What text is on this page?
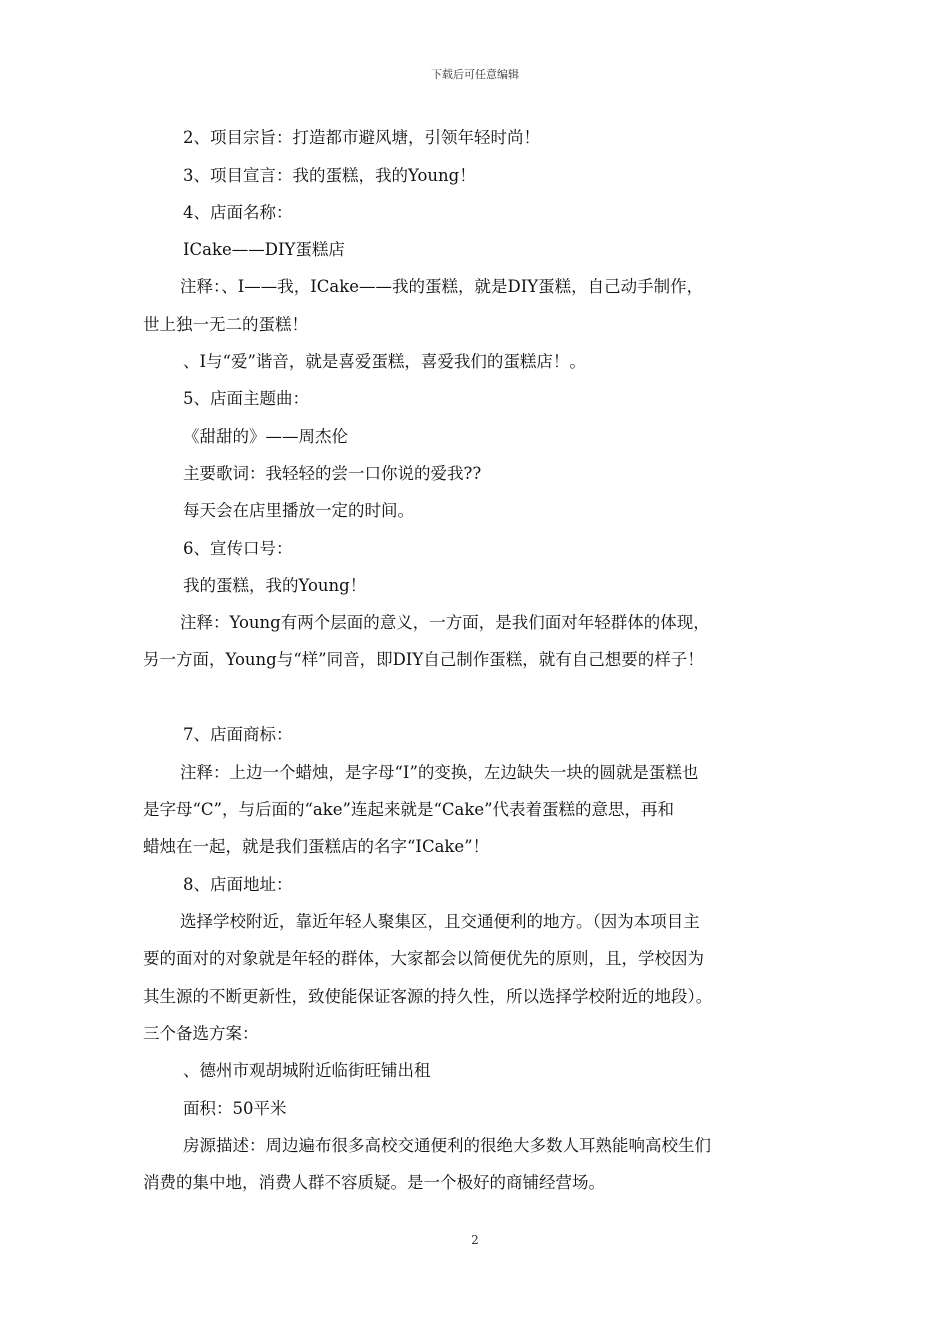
下载后可任意编辑
2、项目宗旨：打造都市避风塘，引领年轻时尚！
3、项目宣言：我的蛋糕，我的Young！
4、店面名称：
ICake——DIY蛋糕店
注释：、I——我，ICake——我的蛋糕，就是DIY蛋糕，自己动手制作，
世上独一无二的蛋糕！
、I与“爱”谐音，就是喜爱蛋糕，喜爱我们的蛋糕店！。
5、店面主题曲：
《甜甜的》——周杰伦
主要歌词：我轻轻的尝一口你说的爱我??
每天会在店里播放一定的时间。
6、宣传口号：
我的蛋糕，我的Young！
注释：Young有两个层面的意义，一方面，是我们面对年轻群体的体现，
另一方面，Young与“样”同音，即DIY自己制作蛋糕，就有自己想要的样子！
7、店面商标：
注释：上边一个蜡烛，是字母“I”的变换，左边缺失一块的圆就是蛋糕也
是字母“C”，与后面的“ake”连起来就是“Cake”代表着蛋糕的意思，再和
蜡烛在一起，就是我们蛋糕店的名字“ICake”！
8、店面地址：
选择学校附近，靠近年轻人聚集区，且交通便利的地方。（因为本项目主
要的面对的对象就是年轻的群体，大家都会以简便优先的原则，且，学校因为
其生源的不断更新性，致使能保证客源的持久性，所以选择学校附近的地段）。
三个备选方案：
、德州市观胡城附近临街旺铺出租
面积：50平米
房源描述：周边遍布很多高校交通便利的很绝大多数人耳熟能响高校生们
消费的集中地，消费人群不容质疑。是一个极好的商铺经营场。
2
